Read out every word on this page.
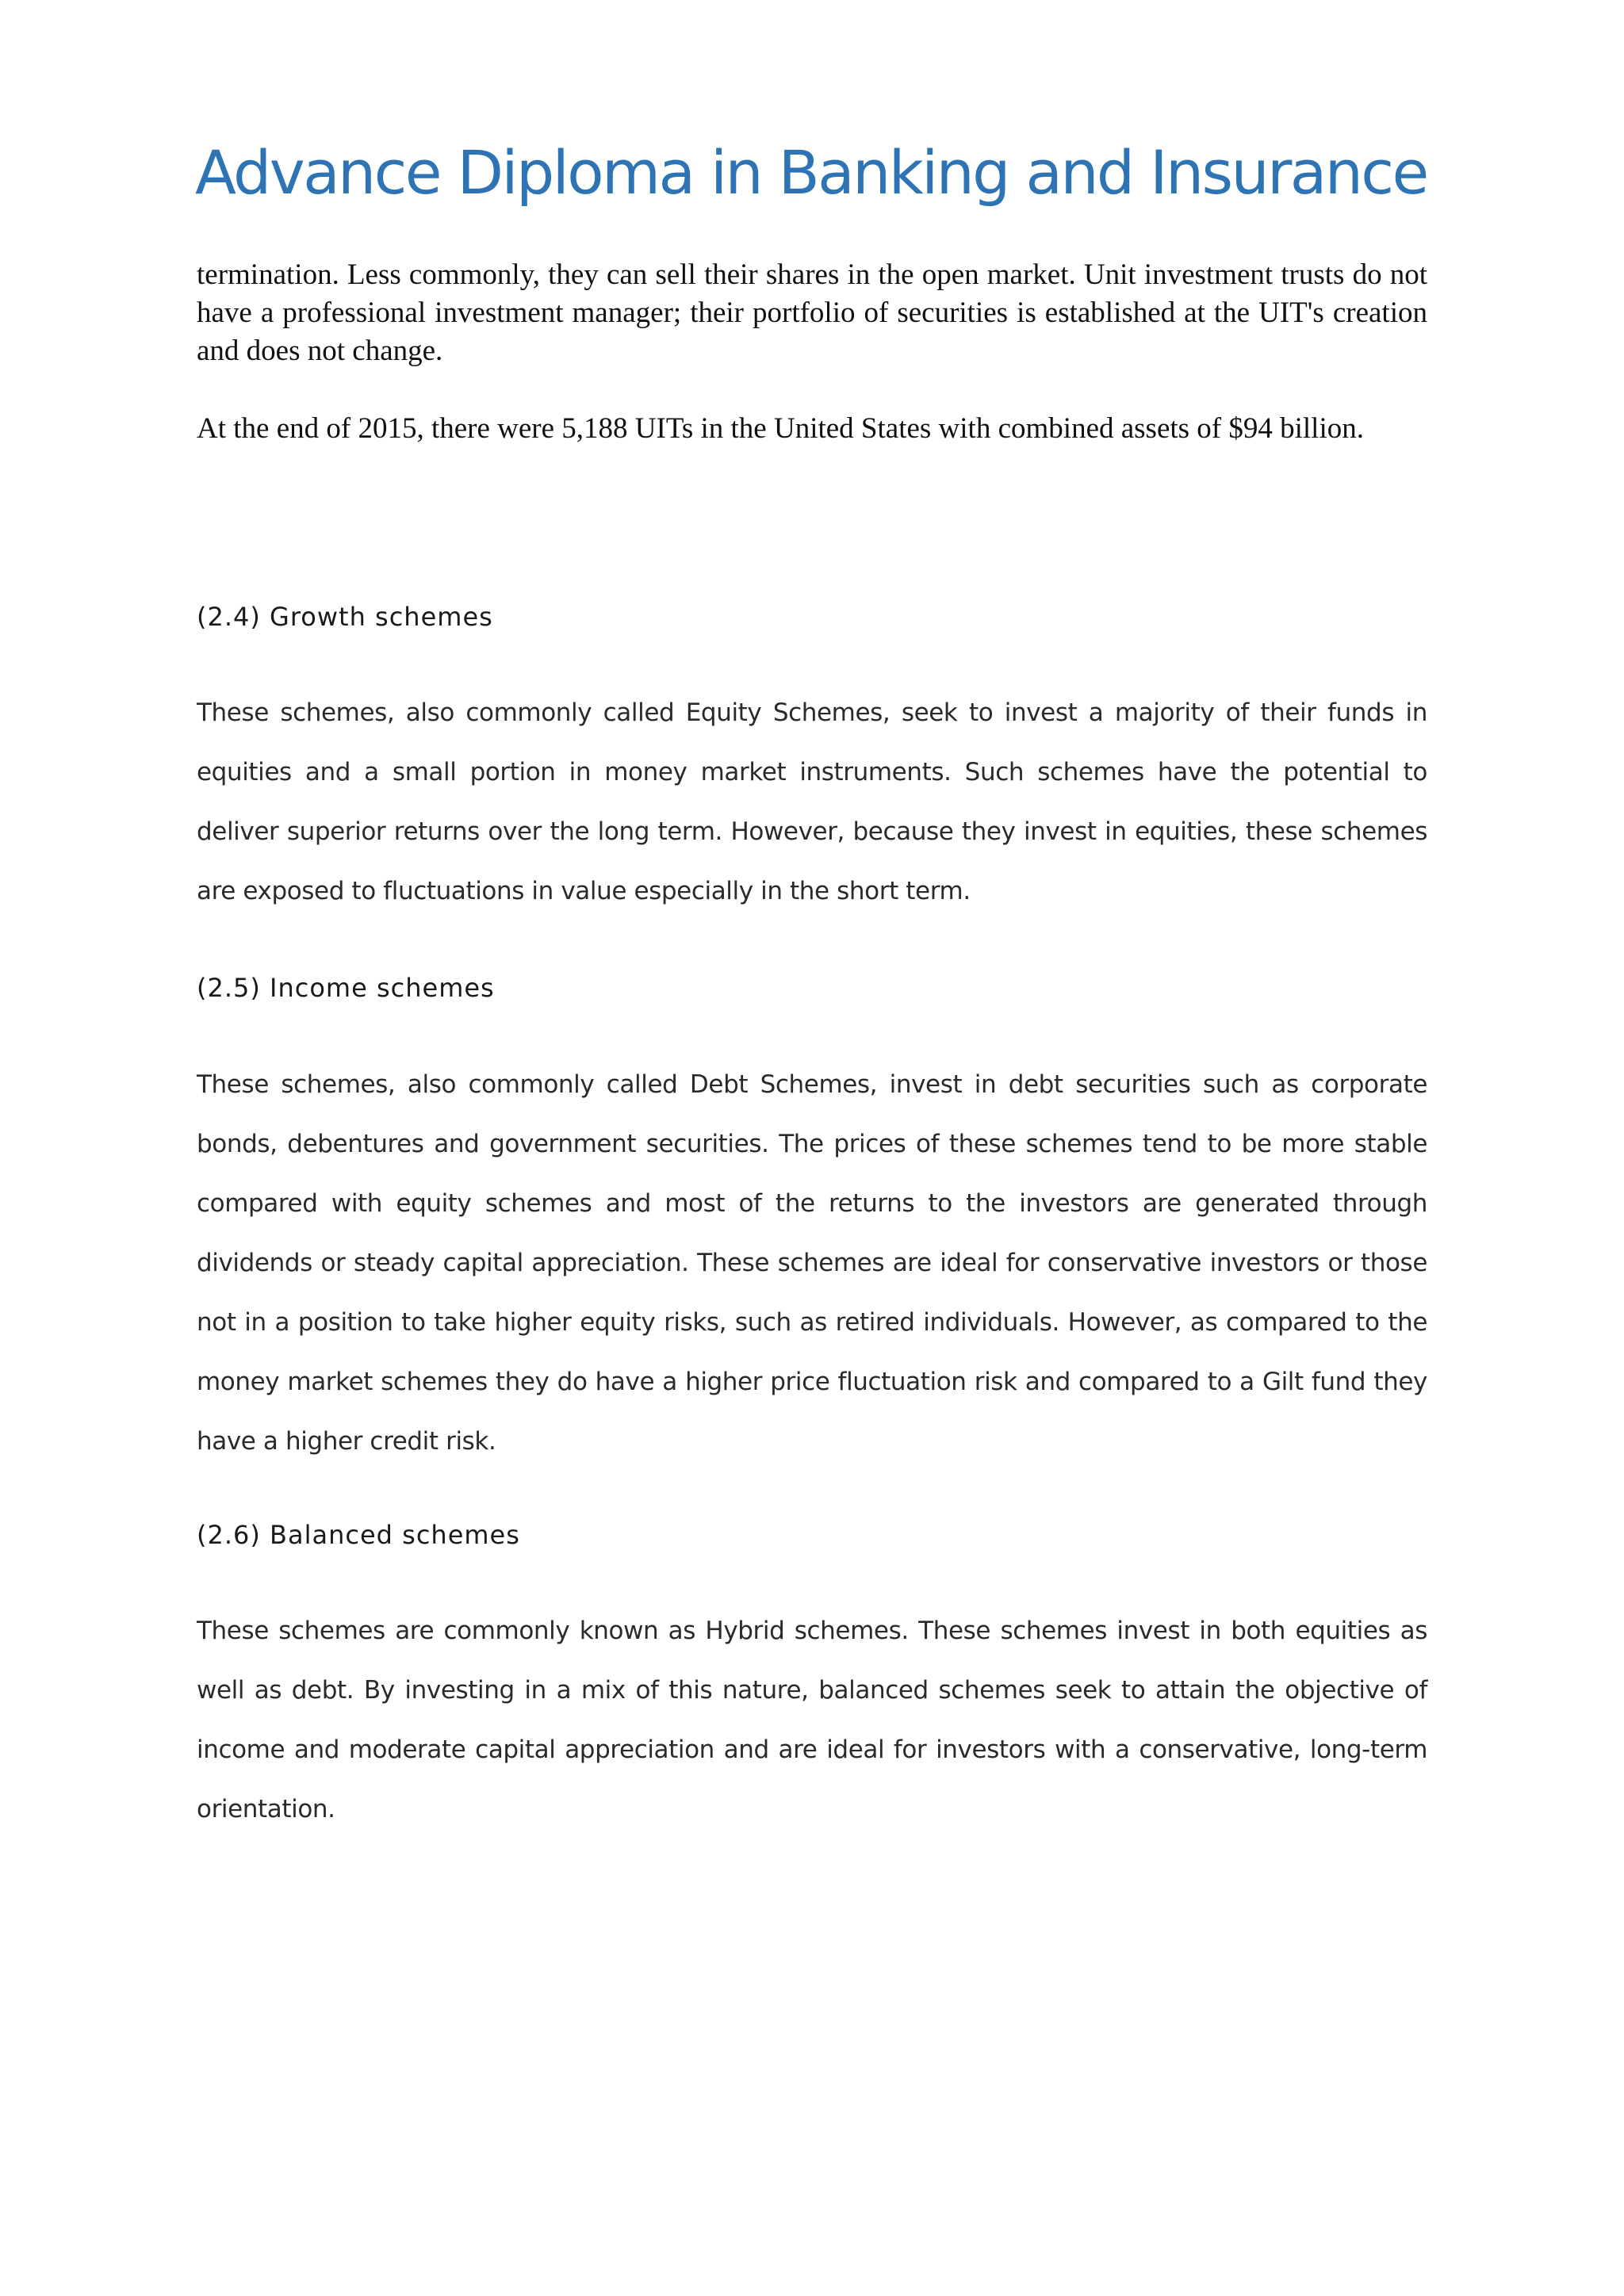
Advance Diploma in Banking and Insurance

termination. Less commonly, they can sell their shares in the open market. Unit investment trusts do not have a professional investment manager; their portfolio of securities is established at the UIT's creation and does not change.

At the end of 2015, there were 5,188 UITs in the United States with combined assets of $94 billion.

(2.4) Growth schemes

These schemes, also commonly called Equity Schemes, seek to invest a majority of their funds in equities and a small portion in money market instruments. Such schemes have the potential to deliver superior returns over the long term. However, because they invest in equities, these schemes are exposed to fluctuations in value especially in the short term.

(2.5) Income schemes

These schemes, also commonly called Debt Schemes, invest in debt securities such as corporate bonds, debentures and government securities. The prices of these schemes tend to be more stable compared with equity schemes and most of the returns to the investors are generated through dividends or steady capital appreciation. These schemes are ideal for conservative investors or those not in a position to take higher equity risks, such as retired individuals. However, as compared to the money market schemes they do have a higher price fluctuation risk and compared to a Gilt fund they have a higher credit risk.

(2.6) Balanced schemes

These schemes are commonly known as Hybrid schemes. These schemes invest in both equities as well as debt. By investing in a mix of this nature, balanced schemes seek to attain the objective of income and moderate capital appreciation and are ideal for investors with a conservative, long-term orientation.
